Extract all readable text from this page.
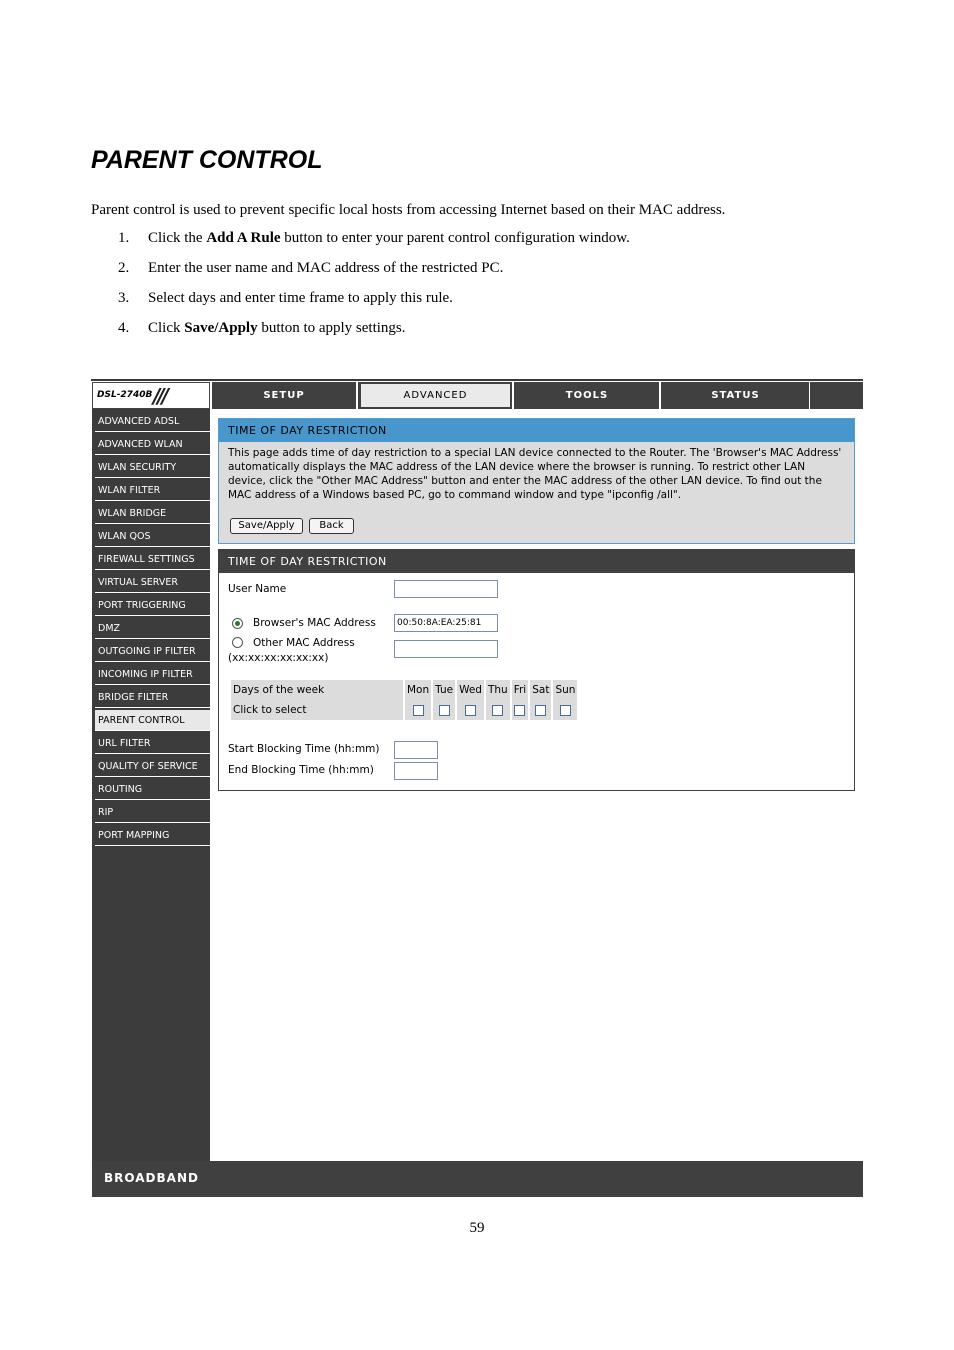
PARENT CONTROL
Parent control is used to prevent specific local hosts from accessing Internet based on their MAC address.
1.	Click the Add A Rule button to enter your parent control configuration window.
2.	Enter the user name and MAC address of the restricted PC.
3.	Select days and enter time frame to apply this rule.
4.	Click Save/Apply button to apply settings.
DSL-2740B ///	SETUP	ADVANCED	TOOLS	STATUS
ADVANCED ADSL
ADVANCED WLAN
WLAN SECURITY
WLAN FILTER
WLAN BRIDGE
WLAN QOS
FIREWALL SETTINGS
VIRTUAL SERVER
PORT TRIGGERING
DMZ
OUTGOING IP FILTER
INCOMING IP FILTER
BRIDGE FILTER
PARENT CONTROL
URL FILTER
QUALITY OF SERVICE
ROUTING
RIP
PORT MAPPING
TIME OF DAY RESTRICTION
This page adds time of day restriction to a special LAN device connected to the Router. The 'Browser's MAC Address' automatically displays the MAC address of the LAN device where the browser is running. To restrict other LAN device, click the "Other MAC Address" button and enter the MAC address of the other LAN device. To find out the MAC address of a Windows based PC, go to command window and type "ipconfig /all".
Save/Apply	Back
TIME OF DAY RESTRICTION
User Name
Browser's MAC Address	00:50:8A:EA:25:81
Other MAC Address
(xx:xx:xx:xx:xx:xx)
Days of the week	Mon	Tue	Wed	Thu	Fri	Sat	Sun
Click to select							
Start Blocking Time (hh:mm)
End Blocking Time (hh:mm)
BROADBAND
59
